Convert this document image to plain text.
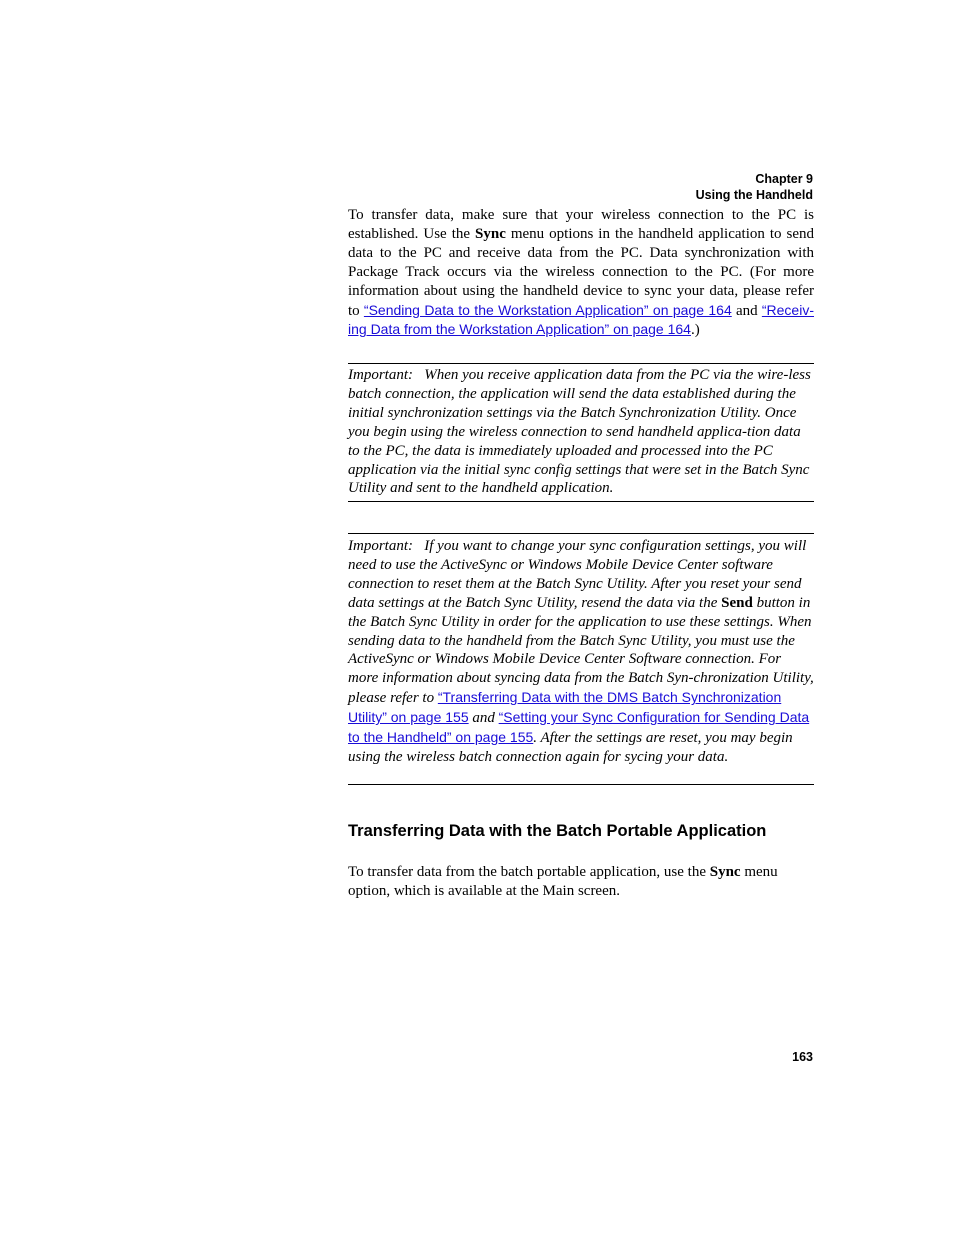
Chapter 9

Using the Handheld

To transfer data, make sure that your wireless connection to the PC is established. Use the Sync menu options in the handheld application to send data to the PC and receive data from the PC. Data synchronization with Package Track occurs via the wireless connection to the PC. (For more information about using the handheld device to sync your data, please refer to “Sending Data to the Workstation Application” on page 164 and “Receiv-ing Data from the Workstation Application” on page 164.)

Important: When you receive application data from the PC via the wire-less batch connection, the application will send the data established during the initial synchronization settings via the Batch Synchronization Utility. Once you begin using the wireless connection to send handheld applica-tion data to the PC, the data is immediately uploaded and processed into the PC application via the initial sync config settings that were set in the Batch Sync Utility and sent to the handheld application.

Important: If you want to change your sync configuration settings, you will need to use the ActiveSync or Windows Mobile Device Center software connection to reset them at the Batch Sync Utility. After you reset your send data settings at the Batch Sync Utility, resend the data via the Send button in the Batch Sync Utility in order for the application to use these settings. When sending data to the handheld from the Batch Sync Utility, you must use the ActiveSync or Windows Mobile Device Center Software connection. For more information about syncing data from the Batch Syn-chronization Utility, please refer to “Transferring Data with the DMS Batch Synchronization Utility” on page 155 and “Setting your Sync Configuration for Sending Data to the Handheld” on page 155. After the settings are reset, you may begin using the wireless batch connection again for sycing your data.

Transferring Data with the Batch Portable Application

To transfer data from the batch portable application, use the Sync menu option, which is available at the Main screen.

163
